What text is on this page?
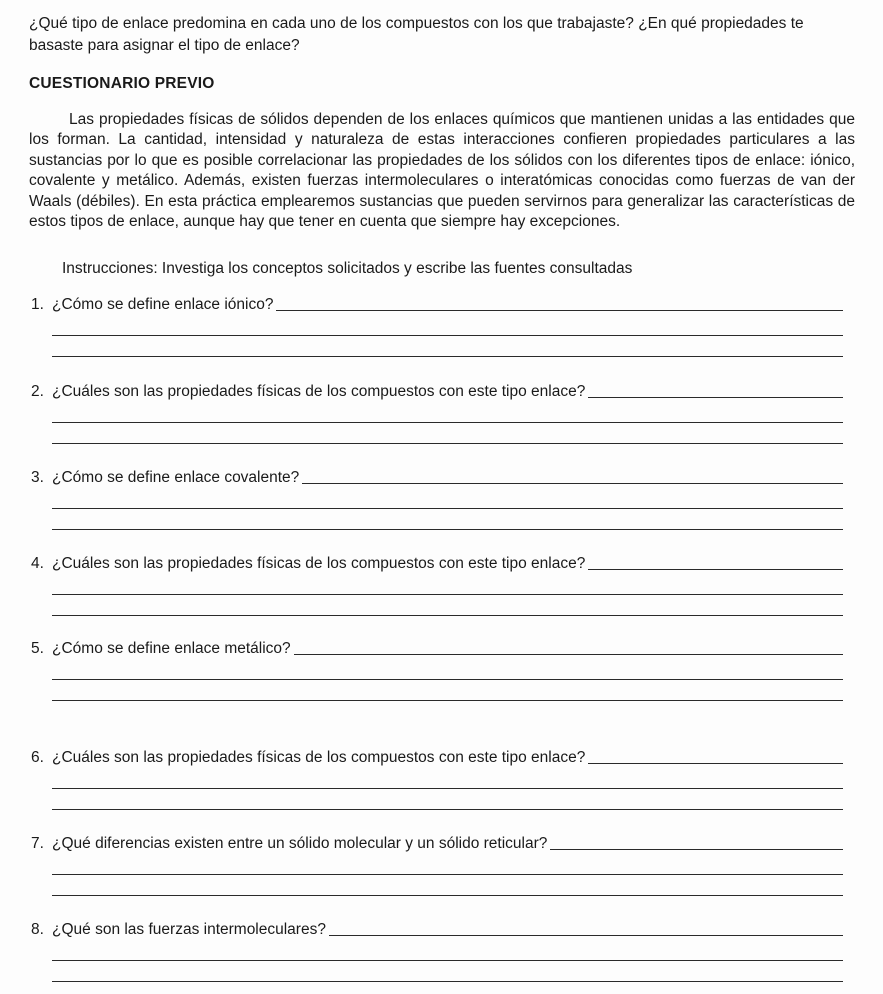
¿Qué tipo de enlace predomina en cada uno de los compuestos con los que trabajaste? ¿En qué propiedades te basaste para asignar el tipo de enlace?

CUESTIONARIO PREVIO

Las propiedades físicas de sólidos dependen de los enlaces químicos que mantienen unidas a las entidades que los forman. La cantidad, intensidad y naturaleza de estas interacciones confieren propiedades particulares a las sustancias por lo que es posible correlacionar las propiedades de los sólidos con los diferentes tipos de enlace: iónico, covalente y metálico. Además, existen fuerzas intermoleculares o interatómicas conocidas como fuerzas de van der Waals (débiles). En esta práctica emplearemos sustancias que pueden servirnos para generalizar las características de estos tipos de enlace, aunque hay que tener en cuenta que siempre hay excepciones.

Instrucciones: Investiga los conceptos solicitados y escribe las fuentes consultadas

1. ¿Cómo se define enlace iónico?
2. ¿Cuáles son las propiedades físicas de los compuestos con este tipo enlace?
3. ¿Cómo se define enlace covalente?
4. ¿Cuáles son las propiedades físicas de los compuestos con este tipo enlace?
5. ¿Cómo se define enlace metálico?
6. ¿Cuáles son las propiedades físicas de los compuestos con este tipo enlace?
7. ¿Qué diferencias existen entre un sólido molecular y un sólido reticular?
8. ¿Qué son las fuerzas intermoleculares?
